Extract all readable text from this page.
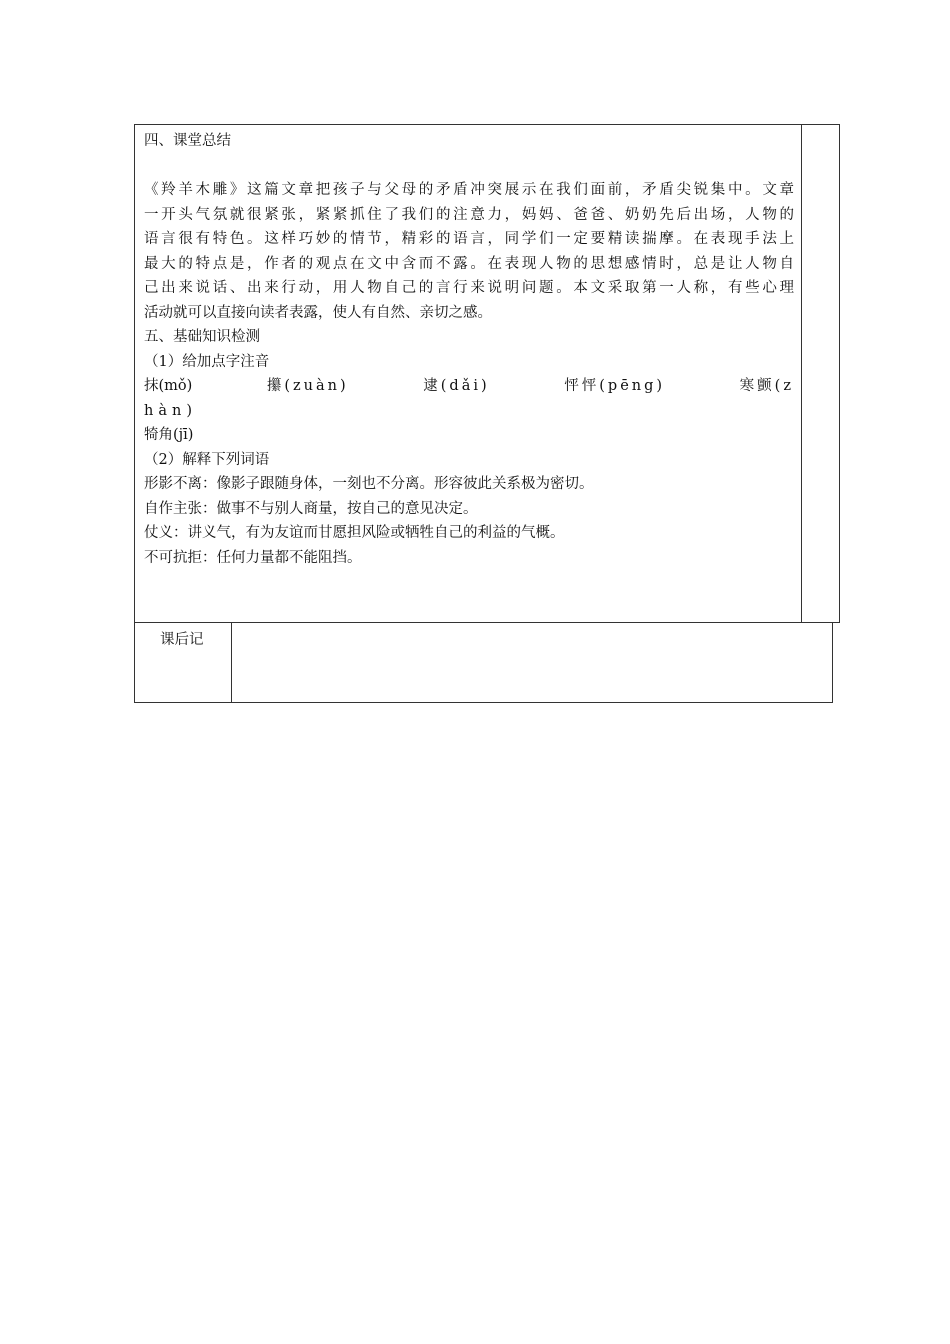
四、课堂总结
《羚羊木雕》这篇文章把孩子与父母的矛盾冲突展示在我们面前，矛盾尖锐集中。文章
一开头气氛就很紧张，紧紧抓住了我们的注意力，妈妈、爸爸、奶奶先后出场，人物的
语言很有特色。这样巧妙的情节，精彩的语言，同学们一定要精读揣摩。在表现手法上
最大的特点是，作者的观点在文中含而不露。在表现人物的思想感情时，总是让人物自
己出来说话、出来行动，用人物自己的言行来说明问题。本文采取第一人称，有些心理
活动就可以直接向读者表露，使人有自然、亲切之感。
五、基础知识检测
（1）给加点字注音
抹(mǒ)	攥(zuàn)	逮(dǎi)	怦怦(pēng)	寒颤(z
hàn)
犄角(jī)
（2）解释下列词语
形影不离：像影子跟随身体，一刻也不分离。形容彼此关系极为密切。
自作主张：做事不与别人商量，按自己的意见决定。
仗义：讲义气，有为友谊而甘愿担风险或牺牲自己的利益的气概。
不可抗拒：任何力量都不能阻挡。
课后记
